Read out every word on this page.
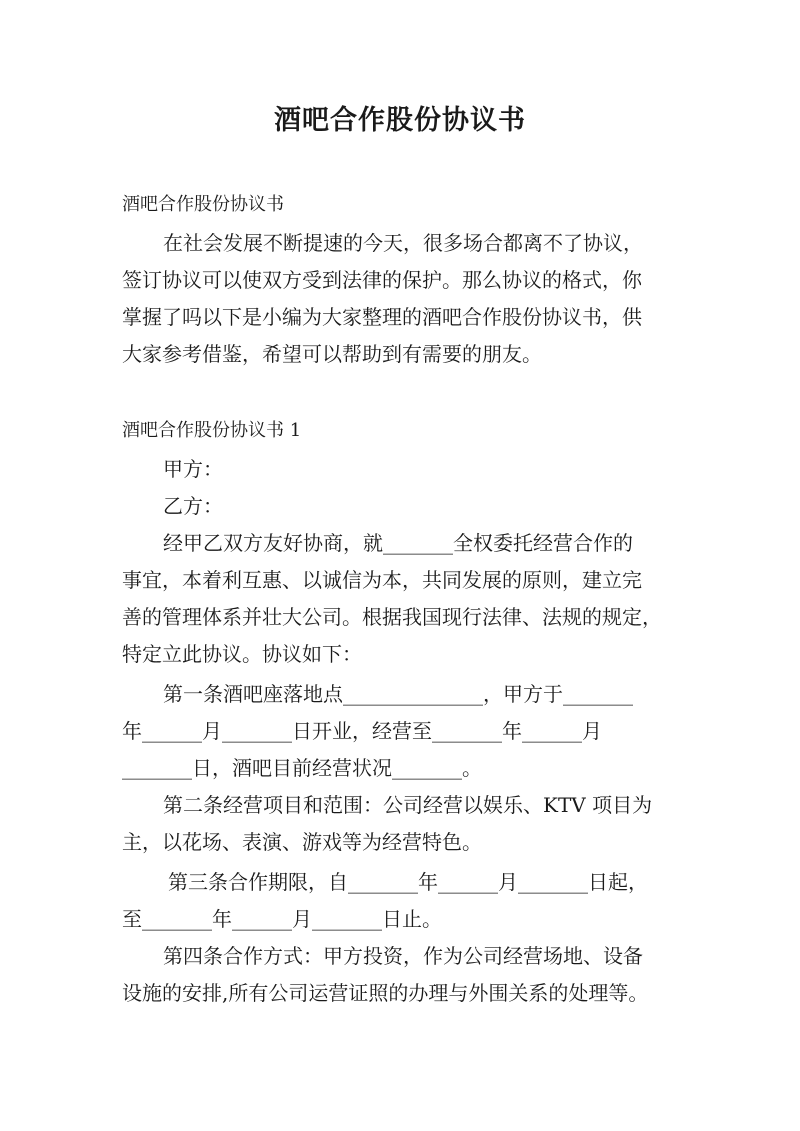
酒吧合作股份协议书

酒吧合作股份协议书

在社会发展不断提速的今天，很多场合都离不了协议，

签订协议可以使双方受到法律的保护。那么协议的格式，你

掌握了吗以下是小编为大家整理的酒吧合作股份协议书，供

大家参考借鉴，希望可以帮助到有需要的朋友。

酒吧合作股份协议书 1

甲方：

乙方：

经甲乙双方友好协商，就_______全权委托经营合作的

事宜，本着利互惠、以诚信为本，共同发展的原则，建立完

善的管理体系并壮大公司。根据我国现行法律、法规的规定，

特定立此协议。协议如下：

第一条酒吧座落地点______________，甲方于_______

年______月_______日开业，经营至_______年______月

_______日，酒吧目前经营状况_______。

第二条经营项目和范围：公司经营以娱乐、KTV 项目为

主，以花场、表演、游戏等为经营特色。

第三条合作期限，自_______年______月_______日起，

至_______年______月_______日止。

第四条合作方式：甲方投资，作为公司经营场地、设备

设施的安排,所有公司运营证照的办理与外围关系的处理等。
